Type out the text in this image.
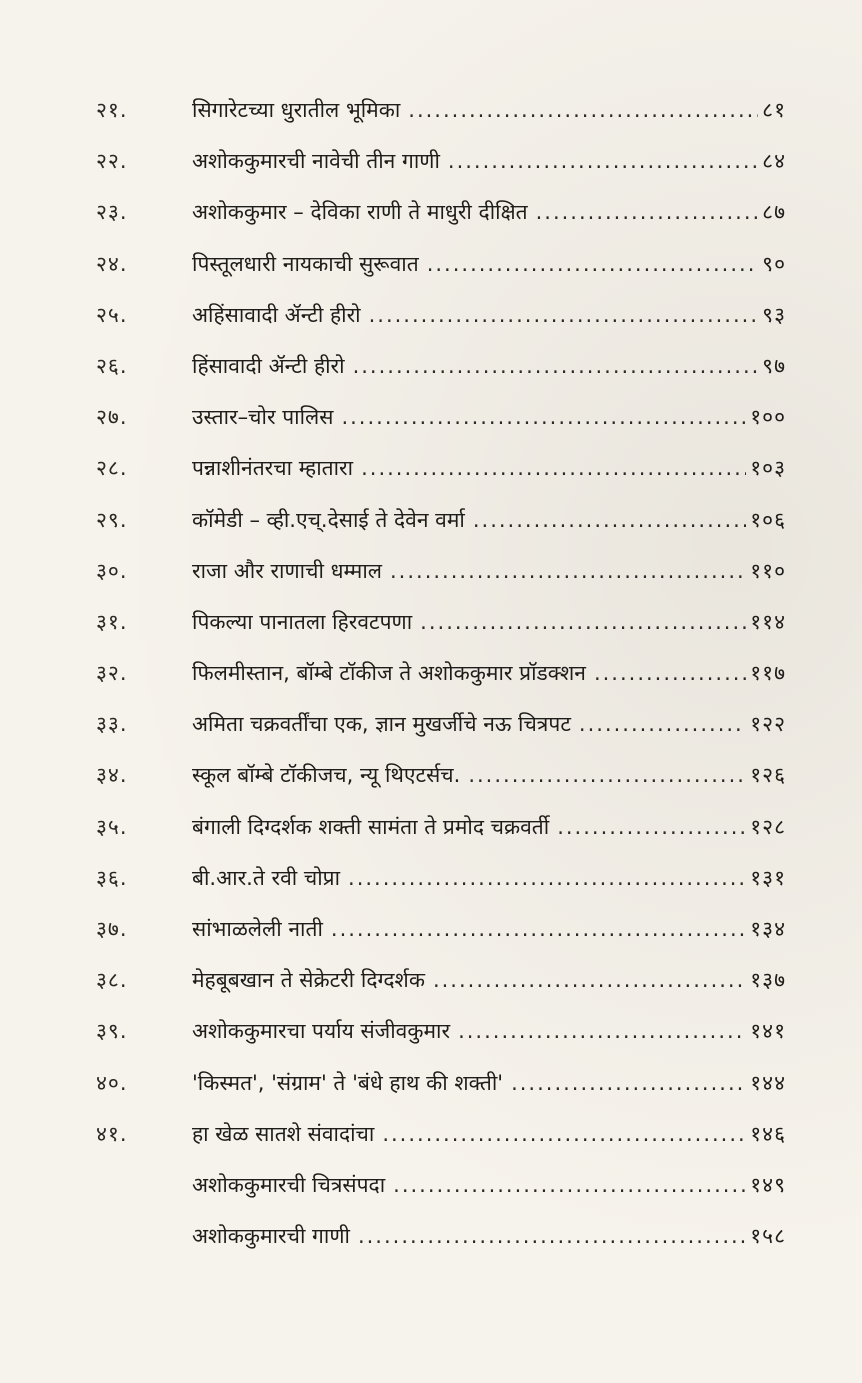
२१.	सिगारेटच्या धुरातील भूमिका .....	८१
२२.	अशोककुमारची नावेची तीन गाणी .....	८४
२३.	अशोककुमार – देविका राणी ते माधुरी दीक्षित .....	८७
२४.	पिस्तूलधारी नायकाची सुरूवात .....	९०
२५.	अहिंसावादी ॲन्टी हीरो .....	९३
२६.	हिंसावादी ॲन्टी हीरो .....	९७
२७.	उस्तार–चोर पालिस .....	१००
२८.	पन्नाशीनंतरचा म्हातारा .....	१०३
२९.	कॉमेडी – व्ही.एच्.देसाई ते देवेन वर्मा .....	१०६
३०.	राजा और राणाची धम्माल .....	११०
३१.	पिकल्या पानातला हिरवटपणा .....	११४
३२.	फिलमीस्तान, बॉम्बे टॉकीज ते अशोककुमार प्रॉडक्शन .....	११७
३३.	अमिता चक्रवर्तींचा एक, ज्ञान मुखर्जीचे नऊ चित्रपट .....	१२२
३४.	स्कूल बॉम्बे टॉकीजच, न्यू थिएटर्सच. .....	१२६
३५.	बंगाली दिग्दर्शक शक्ती सामंता ते प्रमोद चक्रवर्ती .....	१२८
३६.	बी.आर.ते रवी चोप्रा .....	१३१
३७.	सांभाळलेली नाती .....	१३४
३८.	मेहबूबखान ते सेक्रेटरी दिग्दर्शक .....	१३७
३९.	अशोककुमारचा पर्याय संजीवकुमार .....	१४१
४०.	'किस्मत', 'संग्राम' ते 'बंधे हाथ की शक्ती' .....	१४४
४१.	हा खेळ सातशे संवादांचा .....	१४६
अशोककुमारची चित्रसंपदा .....	१४९
अशोककुमारची गाणी .....	१५८
